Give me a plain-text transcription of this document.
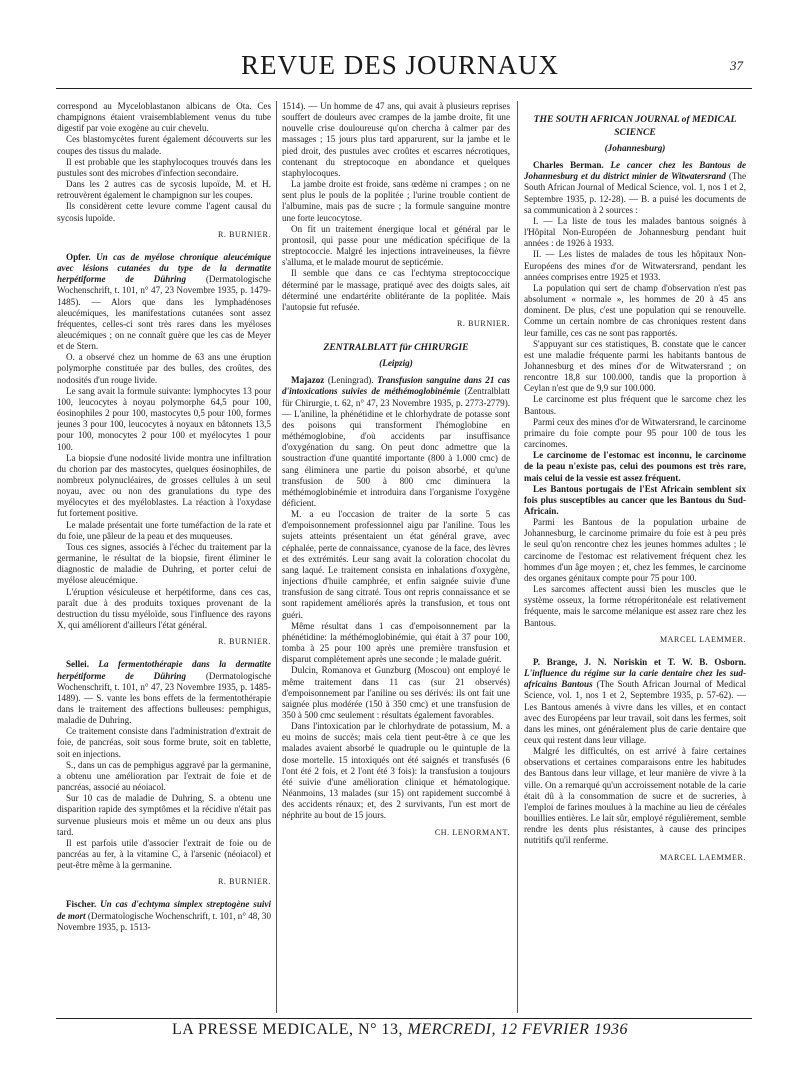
REVUE DES JOURNAUX	37

correspond au Myceloblastanon albicans de Ota. Ces champignons étaient vraisemblablement venus du tube digestif par voie exogène au cuir chevelu.

Ces blastomycètes furent également découverts sur les coupes des tissus du malade.

Il est probable que les staphylocoques trouvés dans les pustules sont des microbes d'infection secondaire.

Dans les 2 autres cas de sycosis lupoïde, M. et H. retrouvèrent également le champignon sur les coupes.

Ils considèrent cette levure comme l'agent causal du sycosis lupoïde.

R. BURNIER.

Opfer. Un cas de myélose chronique aleucémique avec lésions cutanées du type de la dermatite herpétiforme de Dühring (Dermatologische Wochenschrift, t. 101, n° 47, 23 Novembre 1935, p. 1479-1485). — Alors que dans les lymphadénoses aleucémiques, les manifestations cutanées sont assez fréquentes, celles-ci sont très rares dans les myéloses aleucémiques ; on ne connaît guère que les cas de Meyer et de Stern.

O. a observé chez un homme de 63 ans une éruption polymorphe constituée par des bulles, des croûtes, des nodosités d'un rouge livide.

Le sang avait la formule suivante: lymphocytes 13 pour 100, leucocytes à noyau polymorphe 64,5 pour 100, éosinophiles 2 pour 100, mastocytes 0,5 pour 100, formes jeunes 3 pour 100, leucocytes à noyaux en bâtonnets 13,5 pour 100, monocytes 2 pour 100 et myélocytes 1 pour 100.

La biopsie d'une nodosité livide montra une infiltration du chorion par des mastocytes, quelques éosinophiles, de nombreux polynucléaires, de grosses cellules à un seul noyau, avec ou non des granulations du type des myélocytes et des myéloblastes. La réaction à l'oxydase fut fortement positive.

Le malade présentait une forte tuméfaction de la rate et du foie, une pâleur de la peau et des muqueuses.

Tous ces signes, associés à l'échec du traitement par la germanine, le résultat de la biopsie, firent éliminer le diagnostic de maladie de Duhring, et porter celui de myélose aleucémique.

L'éruption vésiculeuse et herpétiforme, dans ces cas, paraît due à des produits toxiques provenant de la destruction du tissu myéloïde, sous l'influence des rayons X, qui améliorent d'ailleurs l'état général.

R. BURNIER.

Sellei. La fermentothérapie dans la dermatite herpétiforme de Dühring (Dermatologische Wochenschrift, t. 101, n° 47, 23 Novembre 1935, p. 1485-1489). — S. vante les bons effets de la fermentothérapie dans le traitement des affections bulleuses: pemphigus, maladie de Duhring.

Ce traitement consiste dans l'administration d'extrait de foie, de pancréas, soit sous forme brute, soit en tablette, soit en injections.

S., dans un cas de pemphigus aggravé par la germanine, a obtenu une amélioration par l'extrait de foie et de pancréas, associé au néoiacol.

Sur 10 cas de maladie de Duhring, S. a obtenu une disparition rapide des symptômes et la récidive n'était pas survenue plusieurs mois et même un ou deux ans plus tard.

Il est parfois utile d'associer l'extrait de foie ou de pancréas au fer, à la vitamine C, à l'arsenic (néoiacol) et peut-être même à la germanine.

R. BURNIER.

Fischer. Un cas d'echtyma simplex streptogène suivi de mort (Dermatologische Wochenschrift, t. 101, n° 48, 30 Novembre 1935, p. 1513-

1514). — Un homme de 47 ans, qui avait à plusieurs reprises souffert de douleurs avec crampes de la jambe droite, fit une nouvelle crise douloureuse qu'on chercha à calmer par des massages ; 15 jours plus tard apparurent, sur la jambe et le pied droit, des pustules avec croûtes et escarres nécrotiques, contenant du streptocoque en abondance et quelques staphylocoques.

La jambe droite est froide, sans œdème ni crampes ; on ne sent plus le pouls de la poplitée ; l'urine trouble contient de l'albumine, mais pas de sucre ; la formule sanguine montre une forte leucocytose.

On fit un traitement énergique local et général par le prontosil, qui passe pour une médication spécifique de la streptococcie. Malgré les injections intraveineuses, la fièvre s'alluma, et le malade mourut de septicémie.

Il semble que dans ce cas l'echtyma streptococcique déterminé par le massage, pratiqué avec des doigts sales, ait déterminé une endartérite oblitérante de la poplitée. Mais l'autopsie fut refusée.

R. BURNIER.
ZENTRALBLATT für CHIRURGIE
(Leipzig)

Majazoz (Leningrad). Transfusion sanguine dans 21 cas d'intoxications suivies de méthémoglobinémie (Zentralblatt für Chirurgie, t. 62, n° 47, 23 Novembre 1935, p. 2773-2779). — L'aniline, la phénétidine et le chlorhydrate de potasse sont des poisons qui transforment l'hémoglobine en méthémoglobine, d'où accidents par insuffisance d'oxygénation du sang. On peut donc admettre que la soustraction d'une quantité importante (800 à 1.000 cmc) de sang éliminera une partie du poison absorbé, et qu'une transfusion de 500 à 800 cmc diminuera la méthémoglobinémie et introduira dans l'organisme l'oxygène déficient.

M. a eu l'occasion de traiter de la sorte 5 cas d'empoisonnement professionnel aigu par l'aniline. Tous les sujets atteints présentaient un état général grave, avec céphalée, perte de connaissance, cyanose de la face, des lèvres et des extrémités. Leur sang avait la coloration chocolat du sang laqué. Le traitement consista en inhalations d'oxygène, injections d'huile camphrée, et enfin saignée suivie d'une transfusion de sang citraté. Tous ont repris connaissance et se sont rapidement améliorés après la transfusion, et tous ont guéri.

Même résultat dans 1 cas d'empoisonnement par la phénétidine: la méthémoglobinémie, qui était à 37 pour 100, tomba à 25 pour 100 après une première transfusion et disparut complètement après une seconde ; le malade guérit.

Dulcin, Romanova et Gunzburg (Moscou) ont employé le même traitement dans 11 cas (sur 21 observés) d'empoisonnement par l'aniline ou ses dérivés: ils ont fait une saignée plus modérée (150 à 350 cmc) et une transfusion de 350 à 500 cmc seulement : résultats également favorables.

Dans l'intoxication par le chlorhydrate de potassium, M. a eu moins de succès; mais cela tient peut-être à ce que les malades avaient absorbé le quadruple ou le quintuple de la dose mortelle. 15 intoxiqués ont été saignés et transfusés (6 l'ont été 2 fois, et 2 l'ont été 3 fois): la transfusion a toujours été suivie d'une amélioration clinique et hématologique. Néanmoins, 13 malades (sur 15) ont rapidement succombé à des accidents rénaux; et, des 2 survivants, l'un est mort de néphrite au bout de 15 jours.

CH. LENORMANT.
THE SOUTH AFRICAN JOURNAL of MEDICAL SCIENCE
(Johannesburg)

Charles Berman. Le cancer chez les Bantous de Johannesburg et du district minier de Witwatersrand (The South African Journal of Medical Science, vol. 1, nos 1 et 2, Septembre 1935, p. 12-28). — B. a puisé les documents de sa communication à 2 sources :

I. — La liste de tous les malades bantous soignés à l'Hôpital Non-Européen de Johannesburg pendant huit années : de 1926 à 1933.

II. — Les listes de malades de tous les hôpitaux Non-Européens des mines d'or de Witwatersrand, pendant les années comprises entre 1925 et 1933.

La population qui sert de champ d'observation n'est pas absolument « normale », les hommes de 20 à 45 ans dominent. De plus, c'est une population qui se renouvelle. Comme un certain nombre de cas chroniques restent dans leur famille, ces cas ne sont pas rapportés.

S'appuyant sur ces statistiques, B. constate que le cancer est une maladie fréquente parmi les habitants bantous de Johannesburg et des mines d'or de Witwatersrand ; on rencontre 18,8 sur 100.000, tandis que la proportion à Ceylan n'est que de 9,9 sur 100.000.

Le carcinome est plus fréquent que le sarcome chez les Bantous.

Parmi ceux des mines d'or de Witwatersrand, le carcinome primaire du foie compte pour 95 pour 100 de tous les carcinomes.

Le carcinome de l'estomac est inconnu, le carcinome de la peau n'existe pas, celui des poumons est très rare, mais celui de la vessie est assez fréquent.

Les Bantous portugais de l'Est Africain semblent six fois plus susceptibles au cancer que les Bantous du Sud-Africain.

Parmi les Bantous de la population urbaine de Johannesburg, le carcinome primaire du foie est à peu près le seul qu'on rencontre chez les jeunes hommes adultes ; le carcinome de l'estomac est relativement fréquent chez les hommes d'un âge moyen ; et, chez les femmes, le carcinome des organes génitaux compte pour 75 pour 100.

Les sarcomes affectent aussi bien les muscles que le système osseux, la forme rétropéritonéale est relativement fréquente, mais le sarcome mélanique est assez rare chez les Bantous.

MARCEL LAEMMER.

P. Brange, J. N. Noriskin et T. W. B. Osborn. L'influence du régime sur la carie dentaire chez les sud-africains Bantous (The South African Journal of Medical Science, vol. 1, nos 1 et 2, Septembre 1935, p. 57-62). — Les Bantous amenés à vivre dans les villes, et en contact avec des Européens par leur travail, soit dans les fermes, soit dans les mines, ont généralement plus de carie dentaire que ceux qui restent dans leur village.

Malgré les difficultés, on est arrivé à faire certaines observations et certaines comparaisons entre les habitudes des Bantous dans leur village, et leur manière de vivre à la ville. On a remarqué qu'un accroissement notable de la carie était dû à la consommation de sucre et de sucreries, à l'emploi de farines moulues à la machine au lieu de céréales bouillies entières. Le lait sûr, employé régulièrement, semble rendre les dents plus résistantes, à cause des principes nutritifs qu'il renferme.

MARCEL LAEMMER.
LA PRESSE MEDICALE, N° 13, MERCREDI, 12 FEVRIER 1936
